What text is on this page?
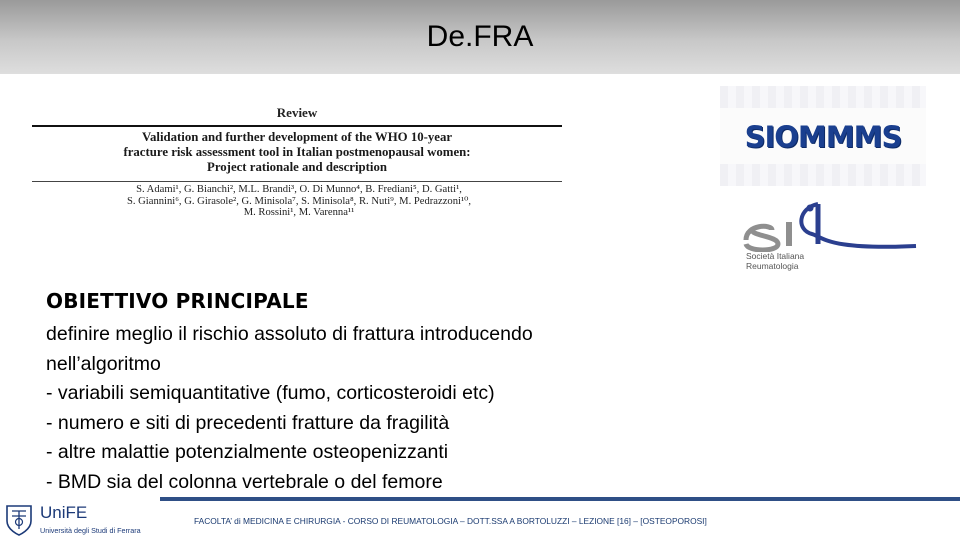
De.FRA
Review
Validation and further development of the WHO 10-year
fracture risk assessment tool in Italian postmenopausal women:
Project rationale and description
S. Adami¹, G. Bianchi², M.L. Brandi³, O. Di Munno⁴, B. Frediani⁵, D. Gatti¹,
S. Giannini⁶, G. Girasole², G. Minisola⁷, S. Minisola⁸, R. Nuti⁹, M. Pedrazzoni¹⁰,
M. Rossini¹, M. Varenna¹¹
SIOMMMS
Società Italiana
Reumatologia
OBIETTIVO PRINCIPALE
definire meglio il rischio assoluto di frattura introducendo
nell’algoritmo
- variabili semiquantitative (fumo, corticosteroidi etc)
- numero e siti di precedenti fratture da fragilità
- altre malattie potenzialmente osteopenizzanti
- BMD sia del colonna vertebrale o del femore
UniFE
Università degli Studi di Ferrara
FACOLTA’ di MEDICINA E CHIRURGIA - CORSO DI REUMATOLOGIA – DOTT.SSA A BORTOLUZZI – LEZIONE [16] – [OSTEOPOROSI]
